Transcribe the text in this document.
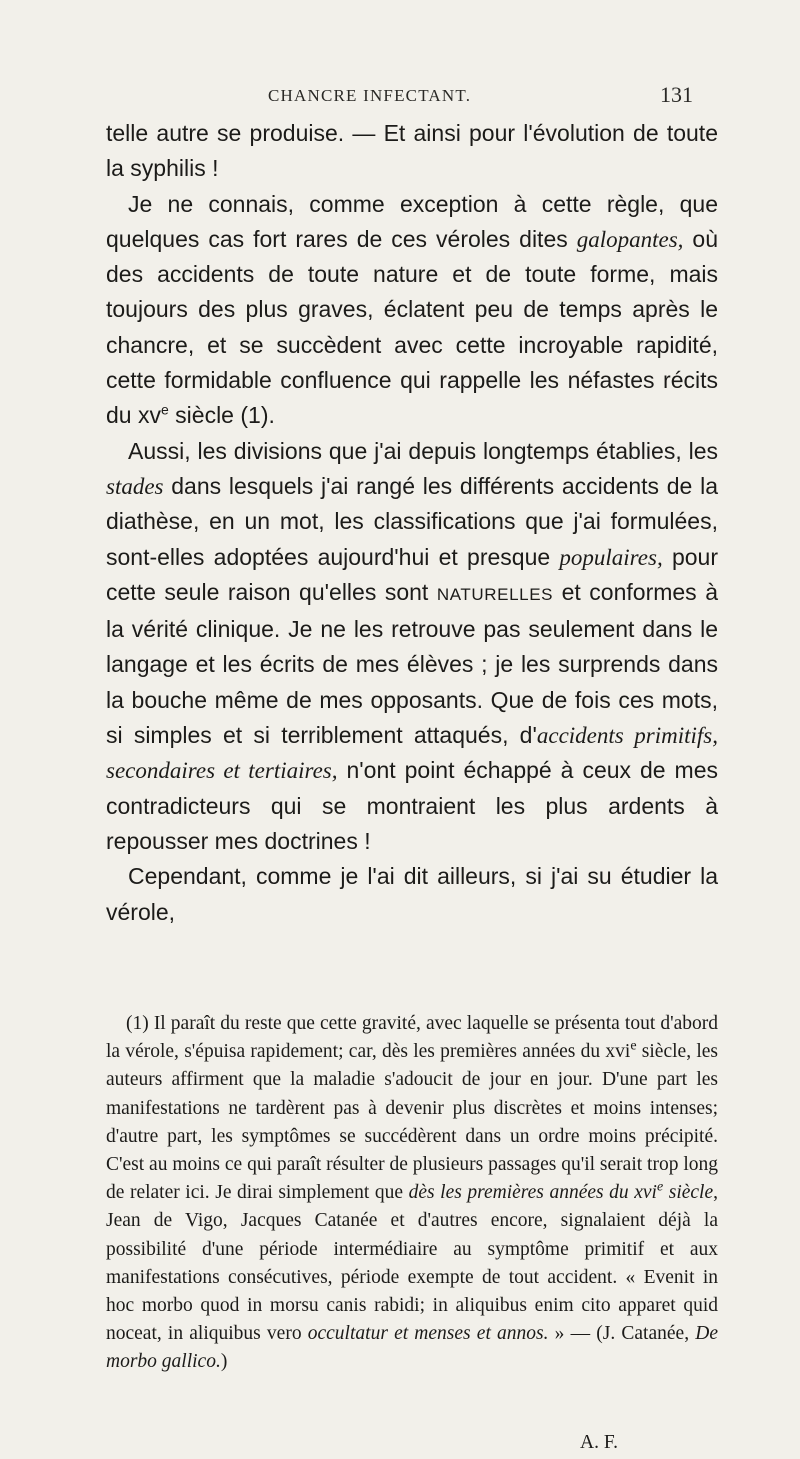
CHANCRE INFECTANT.	131

telle autre se produise. — Et ainsi pour l'évolution de toute la syphilis !

Je ne connais, comme exception à cette règle, que quelques cas fort rares de ces véroles dites galopantes, où des accidents de toute nature et de toute forme, mais toujours des plus graves, éclatent peu de temps après le chancre, et se succèdent avec cette incroyable rapidité, cette formidable confluence qui rappelle les néfastes récits du $xv^e$ siècle (1).

Aussi, les divisions que j'ai depuis longtemps établies, les stades dans lesquels j'ai rangé les différents accidents de la diathèse, en un mot, les classifications que j'ai formulées, sont-elles adoptées aujourd'hui et presque populaires, pour cette seule raison qu'elles sont NATURELLES et conformes à la vérité clinique. Je ne les retrouve pas seulement dans le langage et les écrits de mes élèves ; je les surprends dans la bouche même de mes opposants. Que de fois ces mots, si simples et si terriblement attaqués, d'accidents primitifs, secondaires et tertiaires, n'ont point échappé à ceux de mes contradicteurs qui se montraient les plus ardents à repousser mes doctrines !

Cependant, comme je l'ai dit ailleurs, si j'ai su étudier la vérole,

(1) Il paraît du reste que cette gravité, avec laquelle se présenta tout d'abord la vérole, s'épuisa rapidement; car, dès les premières années du xvi$^e$ siècle, les auteurs affirment que la maladie s'adoucit de jour en jour. D'une part les manifestations ne tardèrent pas à devenir plus discrètes et moins intenses; d'autre part, les symptômes se succédèrent dans un ordre moins précipité. C'est au moins ce qui paraît résulter de plusieurs passages qu'il serait trop long de relater ici. Je dirai simplement que dès les premières années du xvi$^e$ siècle, Jean de Vigo, Jacques Catanée et d'autres encore, signalaient déjà la possibilité d'une période intermédiaire au symptôme primitif et aux manifestations consécutives, période exempte de tout accident. « Evenit in hoc morbo quod in morsu canis rabidi; in aliquibus enim cito apparet quid noceat, in aliquibus vero occultatur et menses et annos. » — (J. Catanée, De morbo gallico.)

A. F.
